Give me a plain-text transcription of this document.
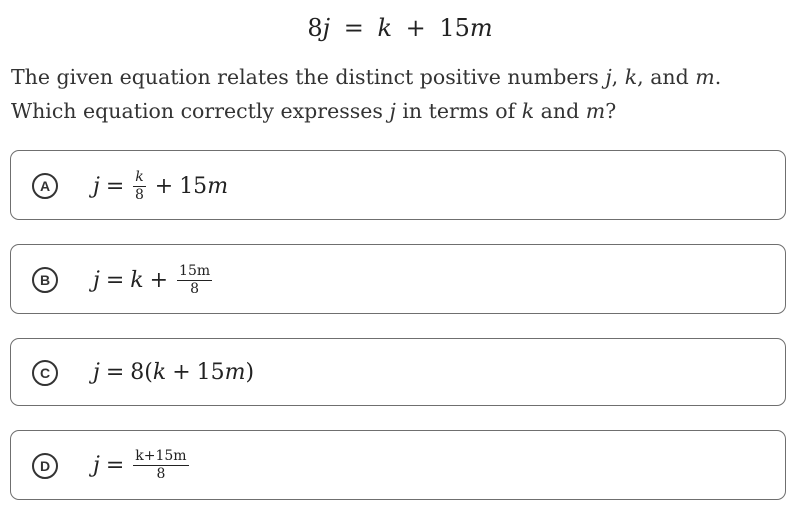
8j = k + 15m
The given equation relates the distinct positive numbers j, k, and m.
Which equation correctly expresses j in terms of k and m?
A	$j = \frac{k}{8} + 15$ m
B	$j = k + \frac{15m}{8}$
C	j = 8( k + 15 m )
D	$j = \frac{k+15m}{8}$
